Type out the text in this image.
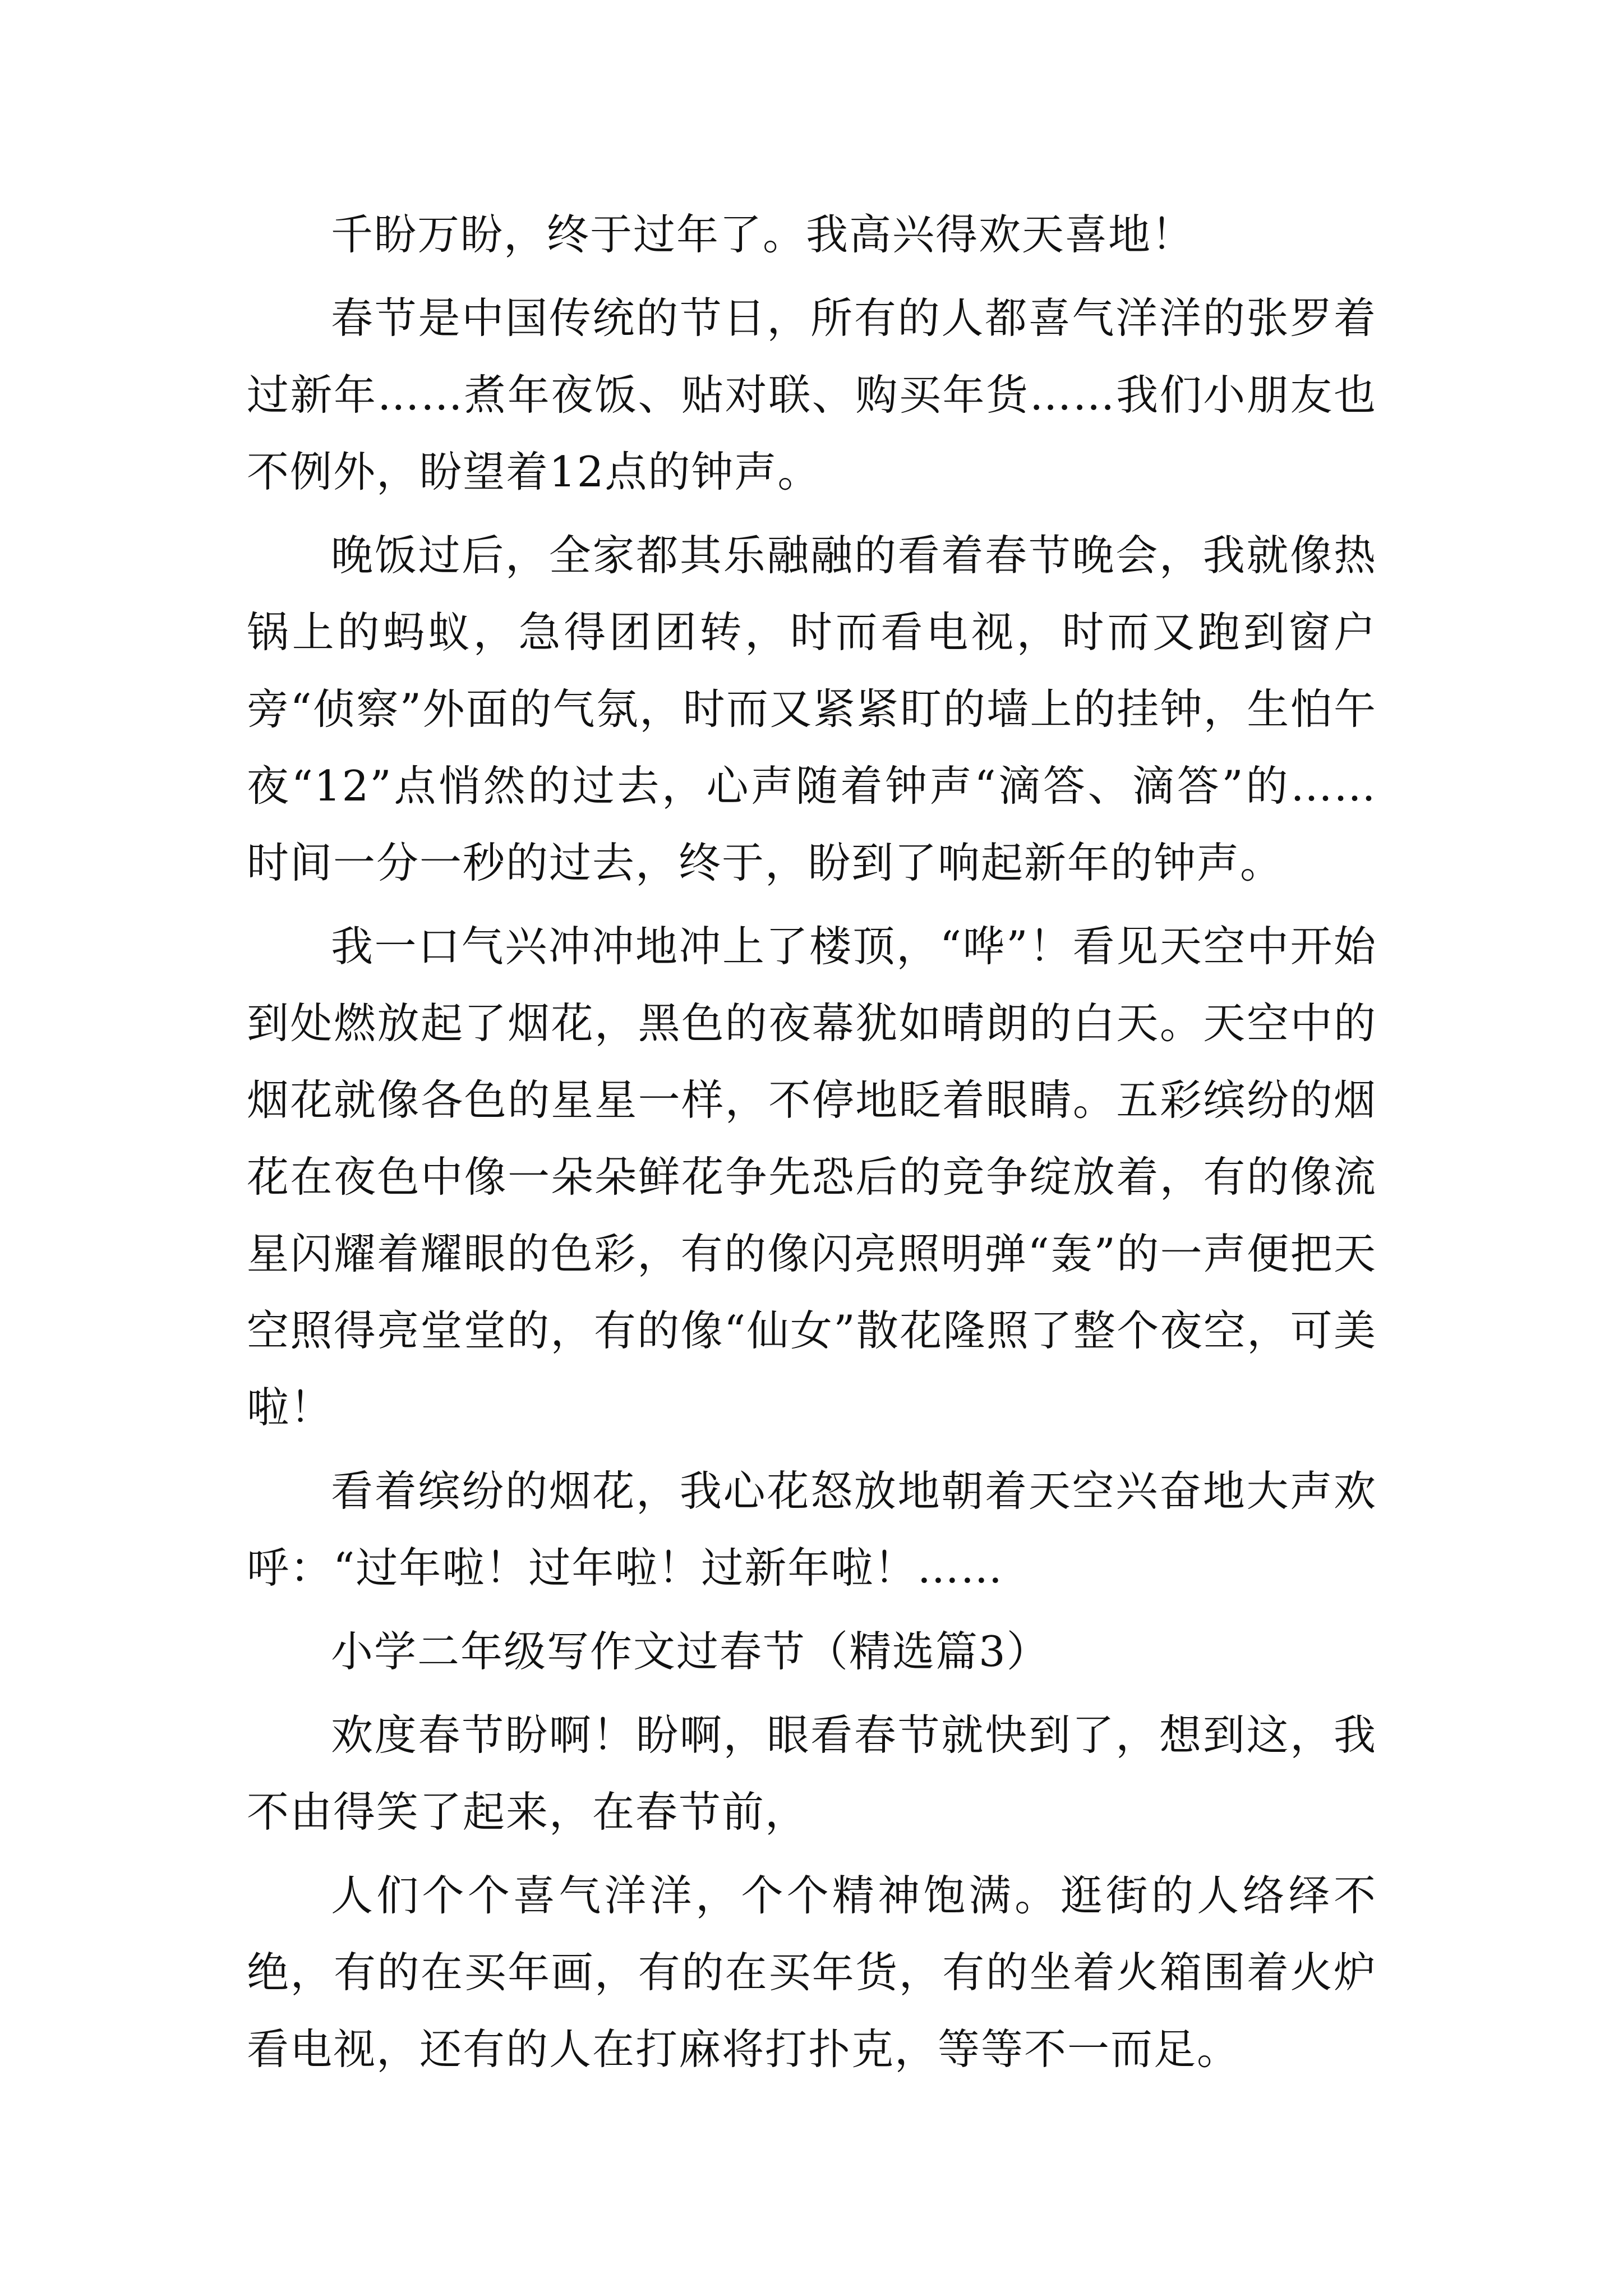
千盼万盼，终于过年了。我高兴得欢天喜地！

春节是中国传统的节日，所有的人都喜气洋洋的张罗着过新年……煮年夜饭、贴对联、购买年货……我们小朋友也不例外，盼望着12点的钟声。

晚饭过后，全家都其乐融融的看着春节晚会，我就像热锅上的蚂蚁，急得团团转，时而看电视，时而又跑到窗户旁“侦察”外面的气氛，时而又紧紧盯的墙上的挂钟，生怕午夜“12”点悄然的过去，心声随着钟声“滴答、滴答”的……时间一分一秒的过去，终于，盼到了响起新年的钟声。

我一口气兴冲冲地冲上了楼顶，“哗”！看见天空中开始到处燃放起了烟花，黑色的夜幕犹如晴朗的白天。天空中的烟花就像各色的星星一样，不停地眨着眼睛。五彩缤纷的烟花在夜色中像一朵朵鲜花争先恐后的竞争绽放着，有的像流星闪耀着耀眼的色彩，有的像闪亮照明弹“轰”的一声便把天空照得亮堂堂的，有的像“仙女”散花隆照了整个夜空，可美啦！

看着缤纷的烟花，我心花怒放地朝着天空兴奋地大声欢呼：“过年啦！过年啦！过新年啦！……

小学二年级写作文过春节（精选篇3）

欢度春节盼啊！盼啊，眼看春节就快到了，想到这，我不由得笑了起来，在春节前，

人们个个喜气洋洋，个个精神饱满。逛街的人络绎不绝，有的在买年画，有的在买年货，有的坐着火箱围着火炉看电视，还有的人在打麻将打扑克，等等不一而足。
